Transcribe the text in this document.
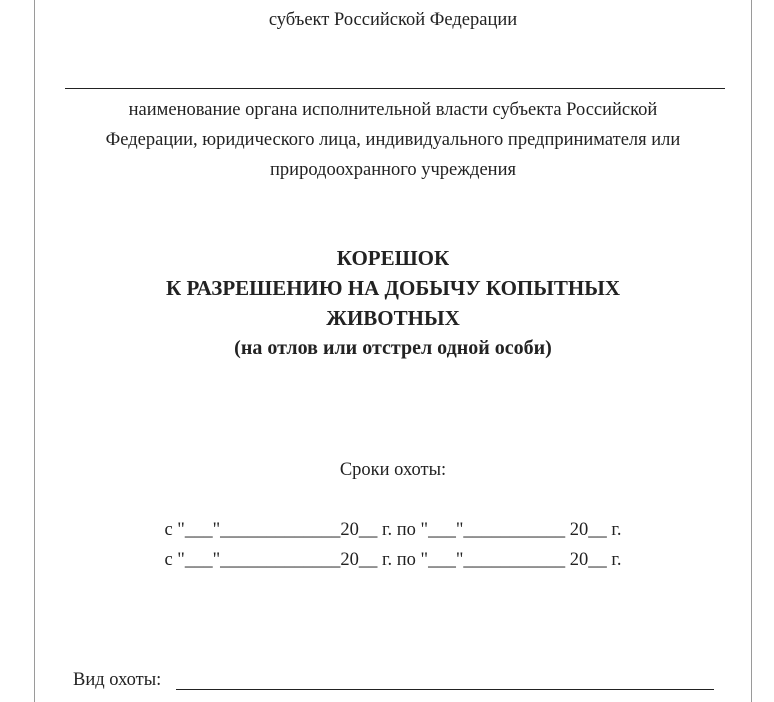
субъект Российской Федерации
наименование органа исполнительной власти субъекта Российской
Федерации, юридического лица, индивидуального предпринимателя или
природоохранного учреждения
КОРЕШОК
К РАЗРЕШЕНИЮ НА ДОБЫЧУ КОПЫТНЫХ
ЖИВОТНЫХ
(на отлов или отстрел одной особи)
Сроки охоты:
с "___"_____________20__ г. по "___"___________ 20__ г.
с "___"_____________20__ г. по "___"___________ 20__ г.
Вид охоты:
